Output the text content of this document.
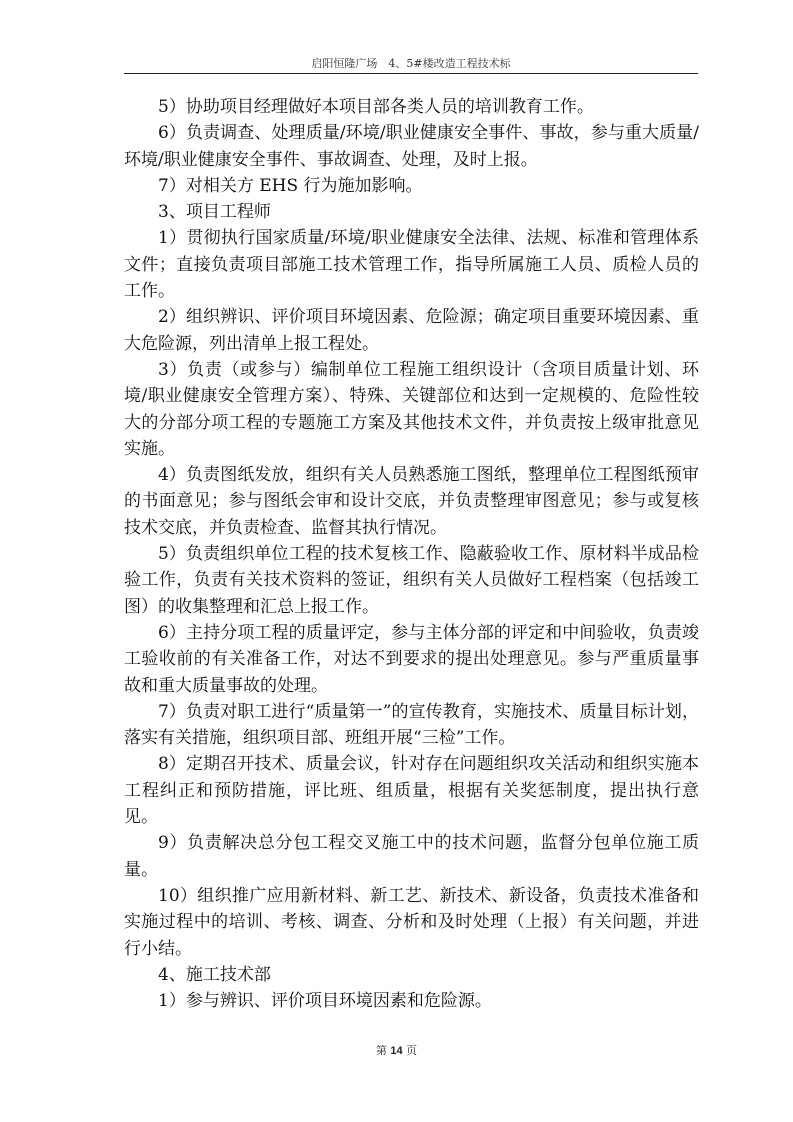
启阳恒隆广场　4、5#楼改造工程技术标

5）协助项目经理做好本项目部各类人员的培训教育工作。

6）负责调查、处理质量/环境/职业健康安全事件、事故，参与重大质量/环境/职业健康安全事件、事故调查、处理，及时上报。

7）对相关方 EHS 行为施加影响。

3、项目工程师

1）贯彻执行国家质量/环境/职业健康安全法律、法规、标准和管理体系文件；直接负责项目部施工技术管理工作，指导所属施工人员、质检人员的工作。

2）组织辨识、评价项目环境因素、危险源；确定项目重要环境因素、重大危险源，列出清单上报工程处。

3）负责（或参与）编制单位工程施工组织设计（含项目质量计划、环境/职业健康安全管理方案）、特殊、关键部位和达到一定规模的、危险性较大的分部分项工程的专题施工方案及其他技术文件，并负责按上级审批意见实施。

4）负责图纸发放，组织有关人员熟悉施工图纸，整理单位工程图纸预审的书面意见；参与图纸会审和设计交底，并负责整理审图意见；参与或复核技术交底，并负责检查、监督其执行情况。

5）负责组织单位工程的技术复核工作、隐蔽验收工作、原材料半成品检验工作，负责有关技术资料的签证，组织有关人员做好工程档案（包括竣工图）的收集整理和汇总上报工作。

6）主持分项工程的质量评定，参与主体分部的评定和中间验收，负责竣工验收前的有关准备工作，对达不到要求的提出处理意见。参与严重质量事故和重大质量事故的处理。

7）负责对职工进行“质量第一”的宣传教育，实施技术、质量目标计划，落实有关措施，组织项目部、班组开展“三检”工作。

8）定期召开技术、质量会议，针对存在问题组织攻关活动和组织实施本工程纠正和预防措施，评比班、组质量，根据有关奖惩制度，提出执行意见。

9）负责解决总分包工程交叉施工中的技术问题，监督分包单位施工质量。

10）组织推广应用新材料、新工艺、新技术、新设备，负责技术准备和实施过程中的培训、考核、调查、分析和及时处理（上报）有关问题，并进行小结。

4、施工技术部

1）参与辨识、评价项目环境因素和危险源。

第 14 页
